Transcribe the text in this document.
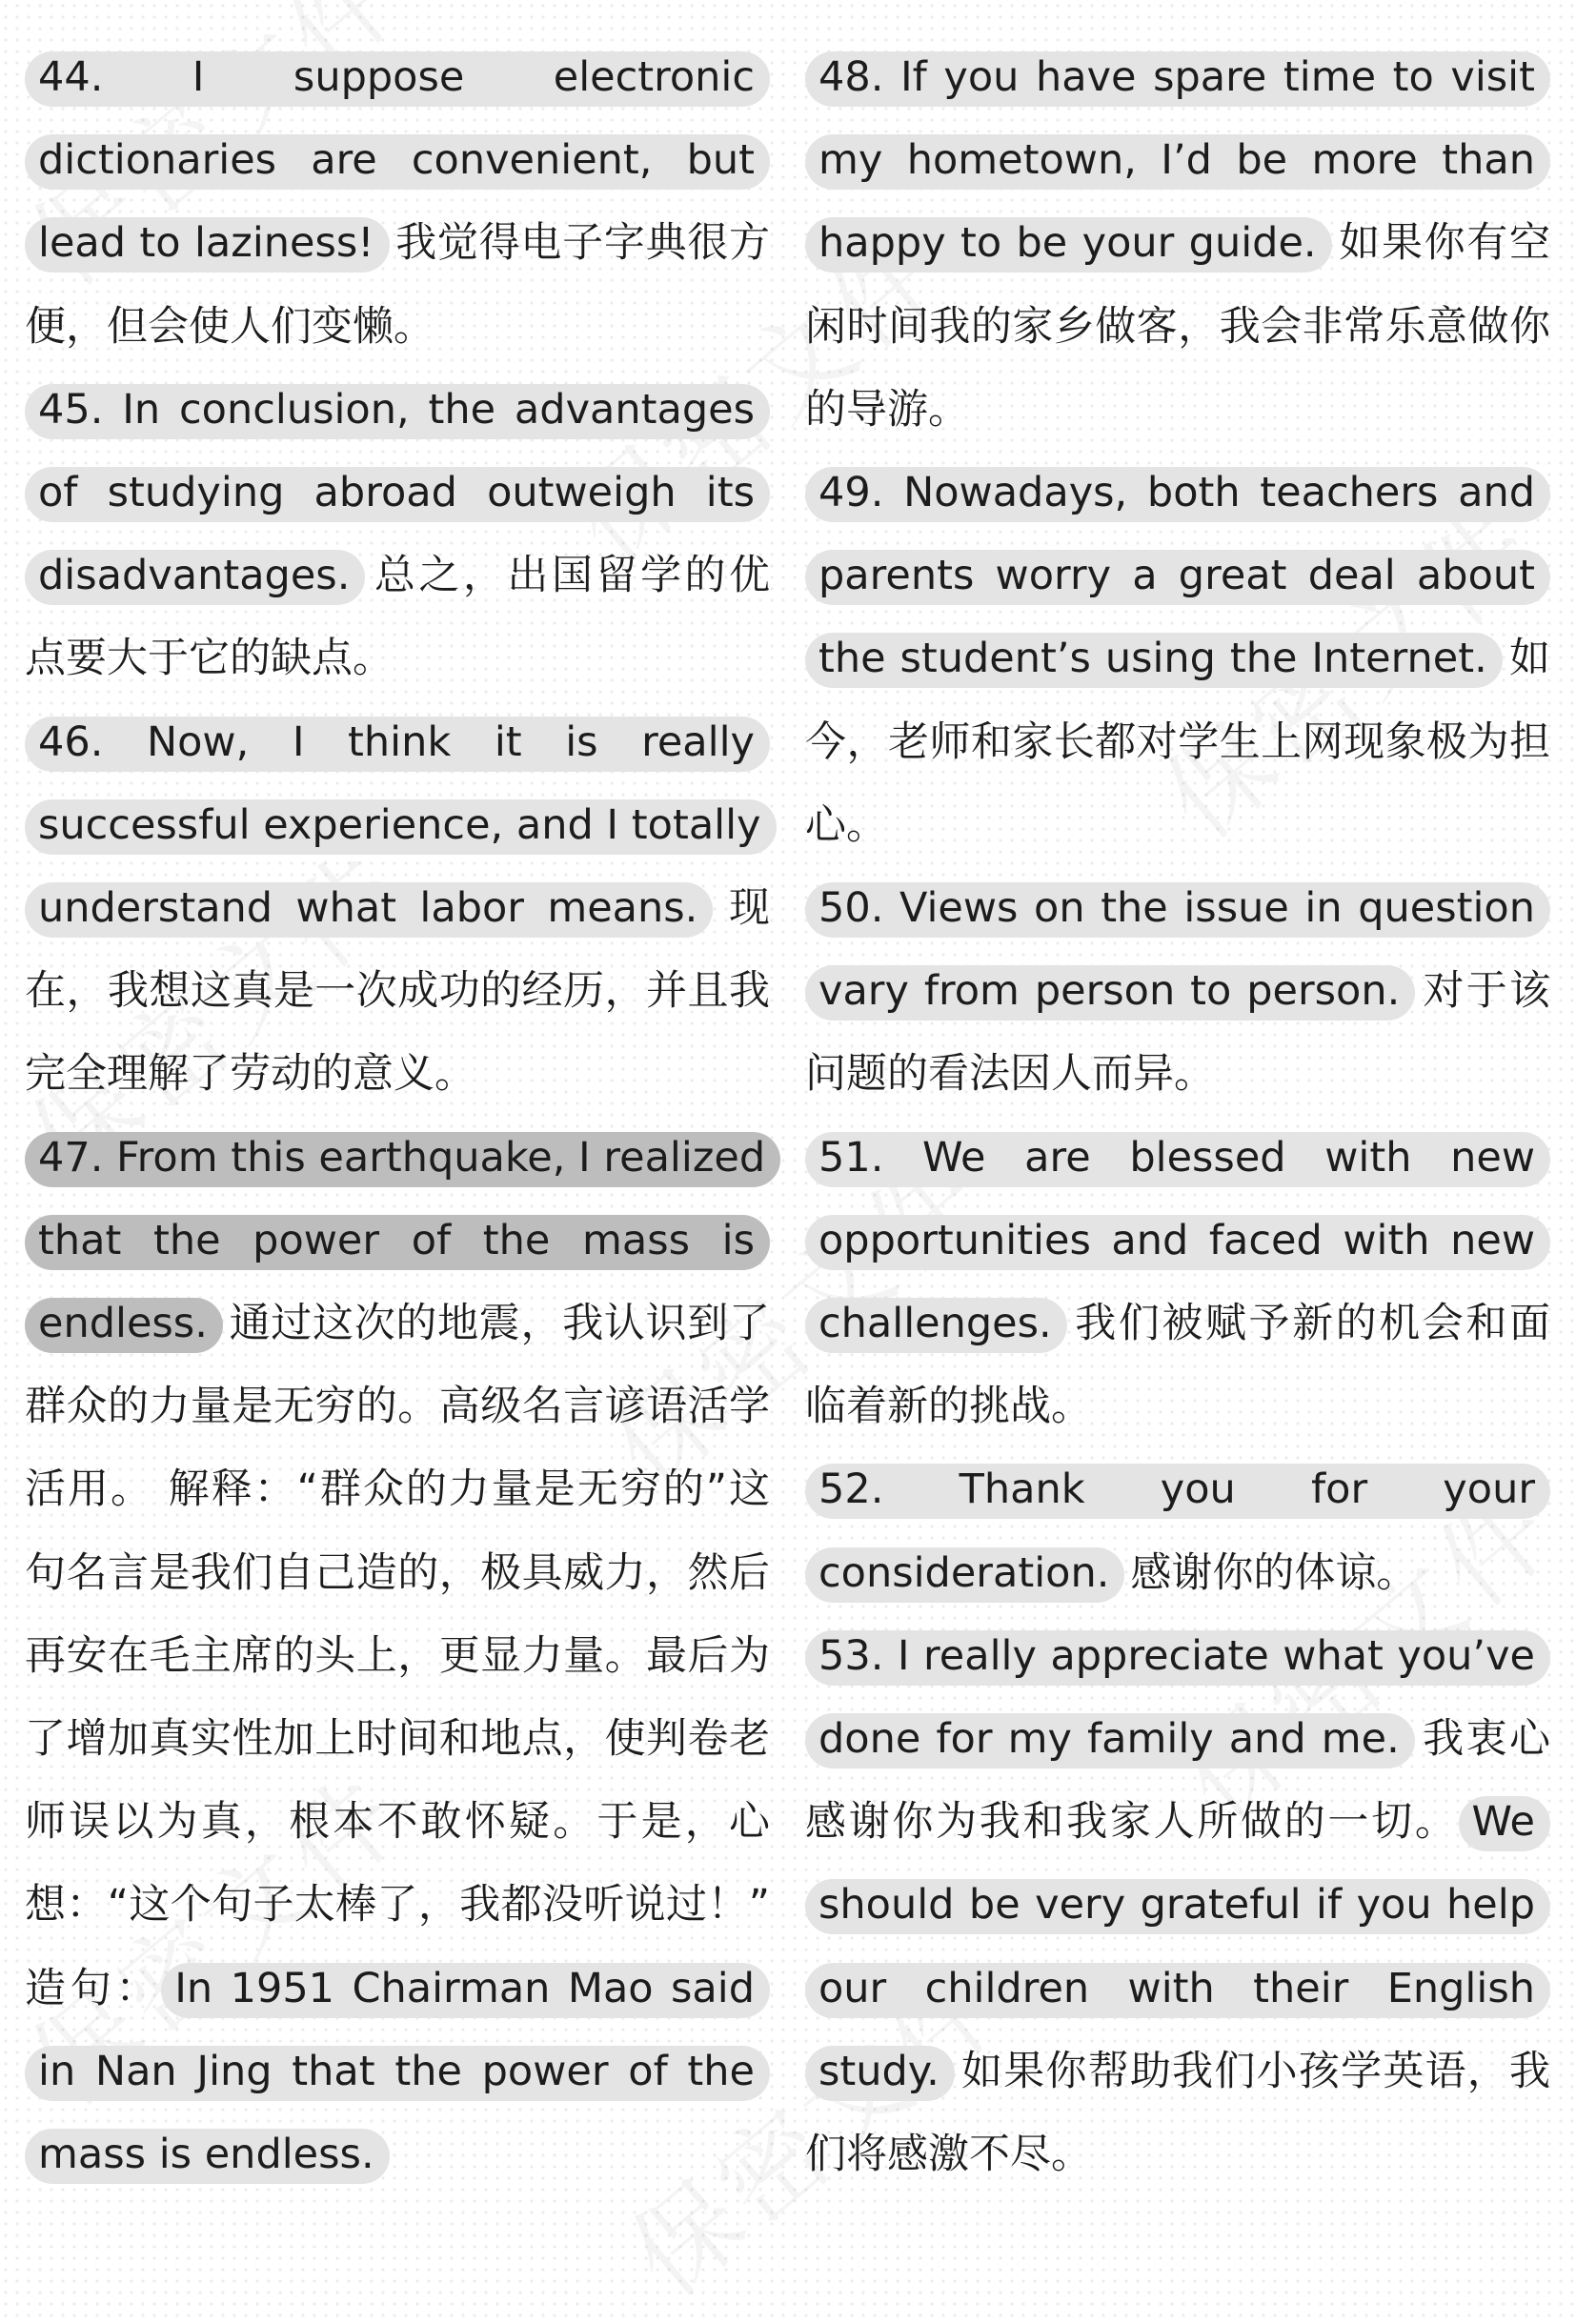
44. I suppose electronic dictionaries are convenient, but lead to laziness! 我觉得电子字典很方便，但会使人们变懒。

45. In conclusion, the advantages of studying abroad outweigh its disadvantages. 总之，出国留学的优点要大于它的缺点。

46. Now, I think it is really successful experience, and I totally understand what labor means. 现在，我想这真是一次成功的经历，并且我完全理解了劳动的意义。

47. From this earthquake, I realized that the power of the mass is endless. 通过这次的地震，我认识到了群众的力量是无穷的。高级名言谚语活学活用。 解释：“群众的力量是无穷的”这句名言是我们自己造的，极具威力，然后再安在毛主席的头上，更显力量。最后为了增加真实性加上时间和地点，使判卷老师误以为真，根本不敢怀疑。于是，心想：“这个句子太棒了，我都没听说过！” 造句： In 1951 Chairman Mao said in Nan Jing that the power of the mass is endless.

48. If you have spare time to visit my hometown, I’d be more than happy to be your guide. 如果你有空闲时间我的家乡做客，我会非常乐意做你的导游。

49. Nowadays, both teachers and parents worry a great deal about the student’s using the Internet. 如今，老师和家长都对学生上网现象极为担心。

50. Views on the issue in question vary from person to person. 对于该问题的看法因人而异。

51. We are blessed with new opportunities and faced with new challenges. 我们被赋予新的机会和面临着新的挑战。

52. Thank you for your consideration. 感谢你的体谅。

53. I really appreciate what you’ve done for my family and me. 我衷心感谢你为我和我家人所做的一切。 We should be very grateful if you help our children with their English study. 如果你帮助我们小孩学英语，我们将感激不尽。
